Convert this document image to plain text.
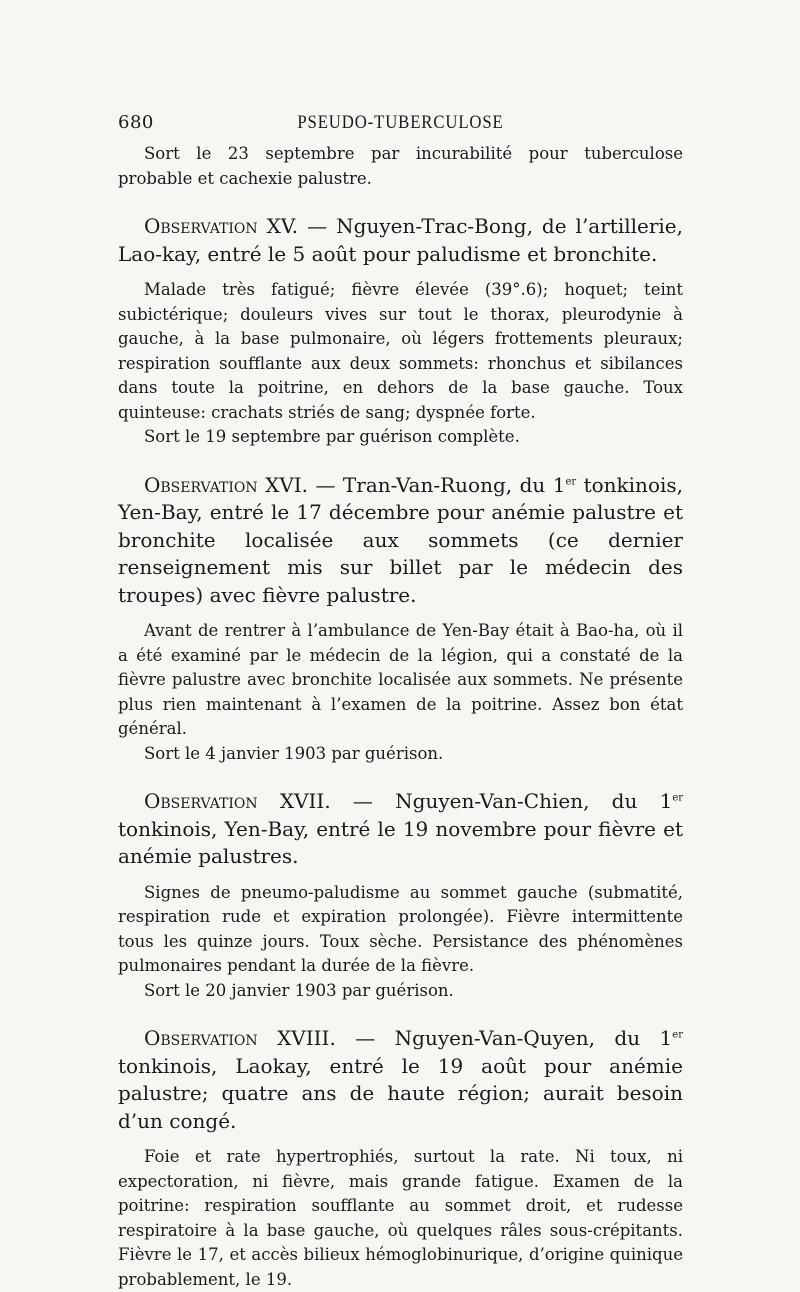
680	PSEUDO-TUBERCULOSE

Sort le 23 septembre par incurabilité pour tuberculose probable et cachexie palustre.

Observation XV. — Nguyen-Trac-Bong, de l’artillerie, Lao-kay, entré le 5 août pour paludisme et bronchite.

Malade très fatigué; fièvre élevée (39°.6); hoquet; teint subictérique; douleurs vives sur tout le thorax, pleurodynie à gauche, à la base pulmonaire, où légers frottements pleuraux; respiration soufflante aux deux sommets: rhonchus et sibilances dans toute la poitrine, en dehors de la base gauche. Toux quinteuse: crachats striés de sang; dyspnée forte.

Sort le 19 septembre par guérison complète.

Observation XVI. — Tran-Van-Ruong, du 1er tonkinois, Yen-Bay, entré le 17 décembre pour anémie palustre et bronchite localisée aux sommets (ce dernier renseignement mis sur billet par le médecin des troupes) avec fièvre palustre.

Avant de rentrer à l’ambulance de Yen-Bay était à Bao-ha, où il a été examiné par le médecin de la légion, qui a constaté de la fièvre palustre avec bronchite localisée aux sommets. Ne présente plus rien maintenant à l’examen de la poitrine. Assez bon état général.

Sort le 4 janvier 1903 par guérison.

Observation XVII. — Nguyen-Van-Chien, du 1er tonkinois, Yen-Bay, entré le 19 novembre pour fièvre et anémie palustres.

Signes de pneumo-paludisme au sommet gauche (submatité, respiration rude et expiration prolongée). Fièvre intermittente tous les quinze jours. Toux sèche. Persistance des phénomènes pulmonaires pendant la durée de la fièvre.

Sort le 20 janvier 1903 par guérison.

Observation XVIII. — Nguyen-Van-Quyen, du 1er tonkinois, Laokay, entré le 19 août pour anémie palustre; quatre ans de haute région; aurait besoin d’un congé.

Foie et rate hypertrophiés, surtout la rate. Ni toux, ni expectoration, ni fièvre, mais grande fatigue. Examen de la poitrine: respiration soufflante au sommet droit, et rudesse respiratoire à la base gauche, où quelques râles sous-crépitants. Fièvre le 17, et accès bilieux hémoglobinurique, d’origine quinique probablement, le 19.
